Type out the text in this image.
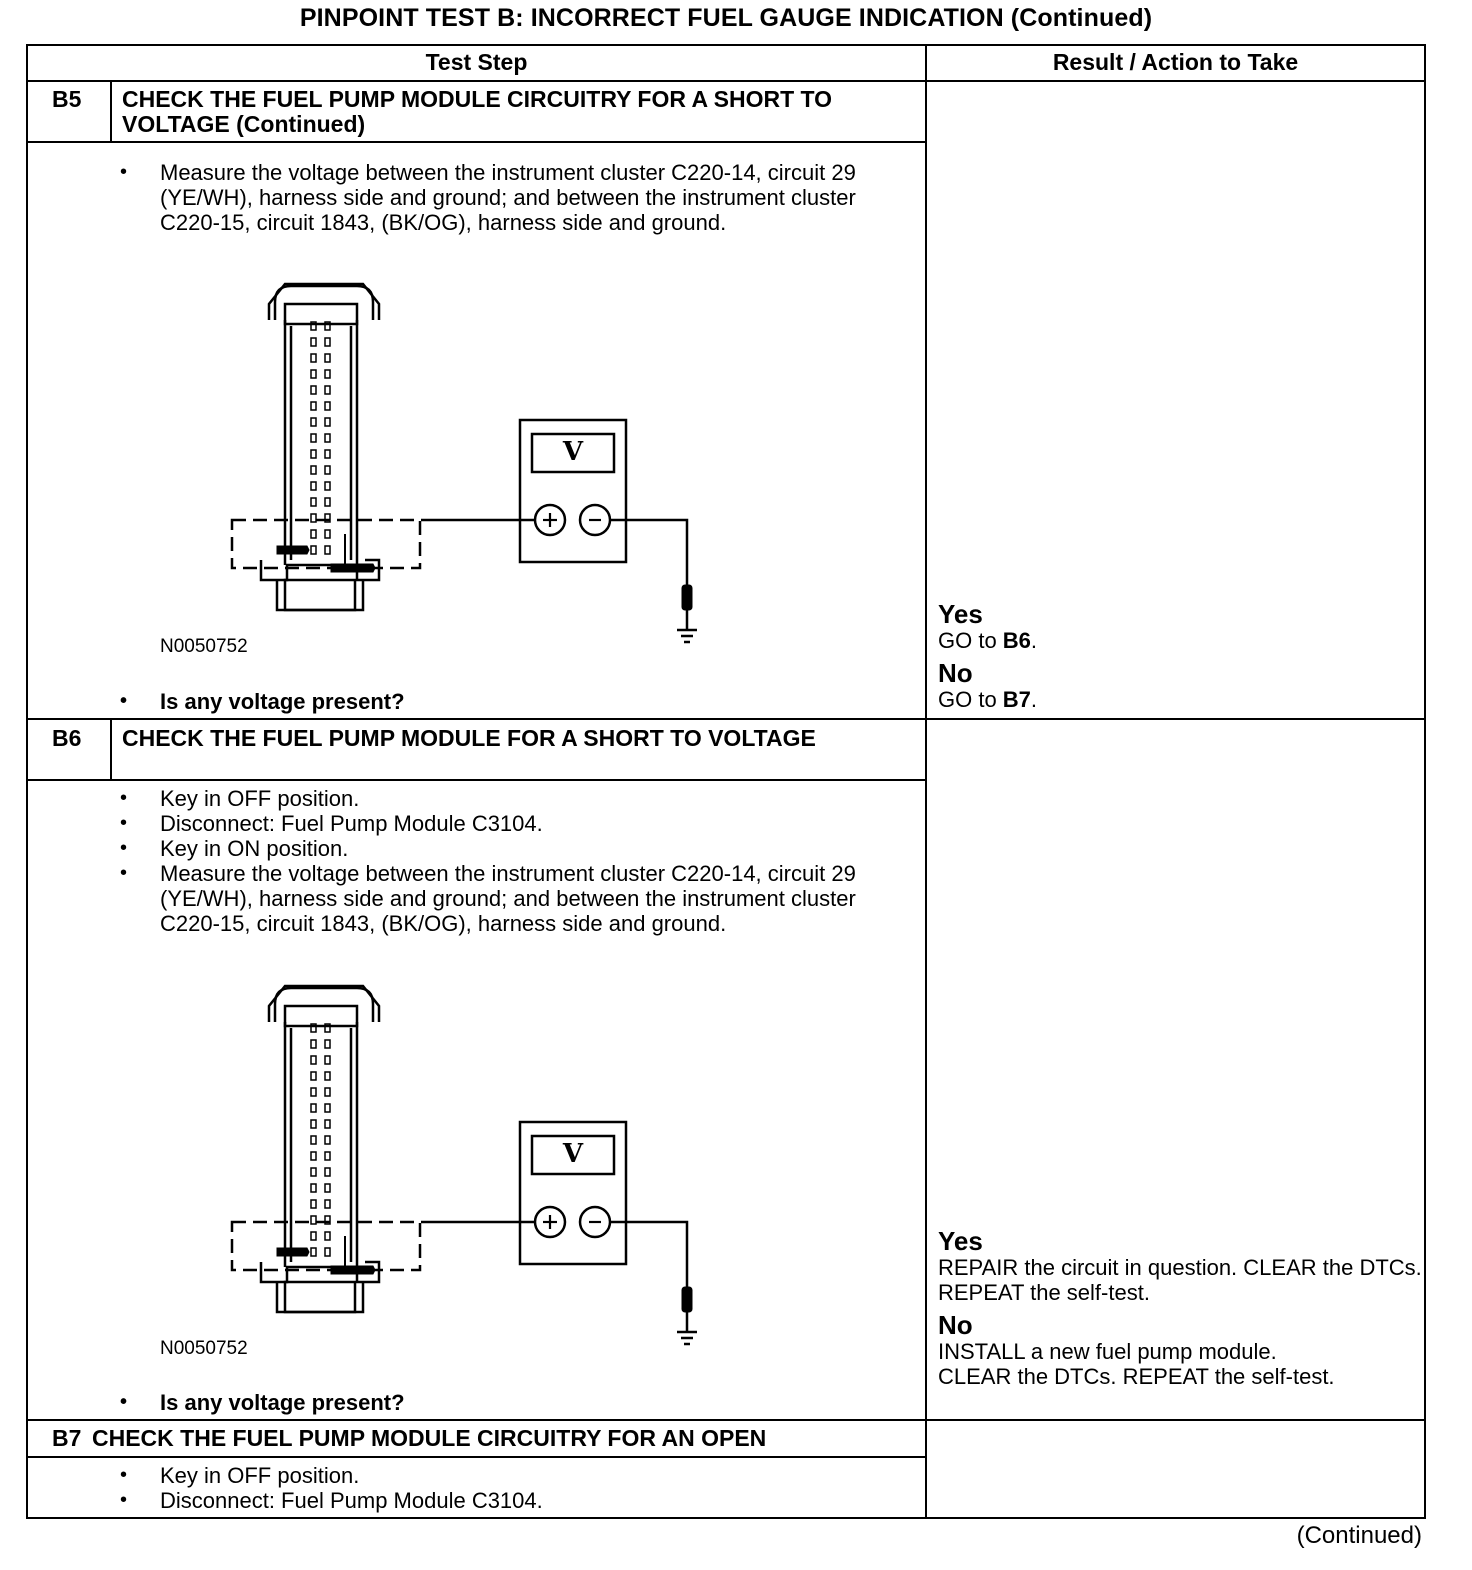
PINPOINT TEST B: INCORRECT FUEL GAUGE INDICATION (Continued)
Test Step	Result / Action to Take
B5 CHECK THE FUEL PUMP MODULE CIRCUITRY FOR A SHORT TO VOLTAGE (Continued)
• Measure the voltage between the instrument cluster C220-14, circuit 29 (YE/WH), harness side and ground; and between the instrument cluster C220-15, circuit 1843, (BK/OG), harness side and ground.
V
N0050752
• Is any voltage present?
Yes
GO to B6.
No
GO to B7.
B6 CHECK THE FUEL PUMP MODULE FOR A SHORT TO VOLTAGE
• Key in OFF position.
• Disconnect: Fuel Pump Module C3104.
• Key in ON position.
• Measure the voltage between the instrument cluster C220-14, circuit 29 (YE/WH), harness side and ground; and between the instrument cluster C220-15, circuit 1843, (BK/OG), harness side and ground.
V
N0050752
• Is any voltage present?
Yes
REPAIR the circuit in question. CLEAR the DTCs. REPEAT the self-test.
No
INSTALL a new fuel pump module. CLEAR the DTCs. REPEAT the self-test.
B7 CHECK THE FUEL PUMP MODULE CIRCUITRY FOR AN OPEN
• Key in OFF position.
• Disconnect: Fuel Pump Module C3104.
(Continued)
